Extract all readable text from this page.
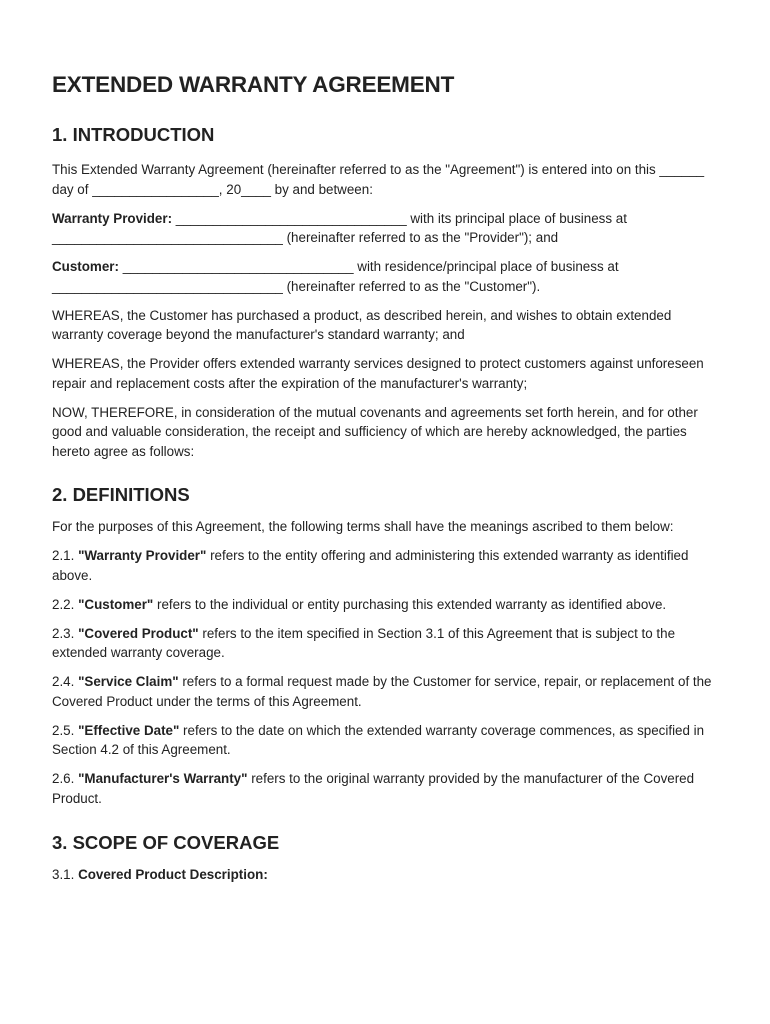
EXTENDED WARRANTY AGREEMENT
1. INTRODUCTION

This Extended Warranty Agreement (hereinafter referred to as the "Agreement") is entered into on this ______ day of _________________, 20____ by and between:

Warranty Provider: _______________________________ with its principal place of business at _______________________________ (hereinafter referred to as the "Provider"); and

Customer: _______________________________ with residence/principal place of business at _______________________________ (hereinafter referred to as the "Customer").

WHEREAS, the Customer has purchased a product, as described herein, and wishes to obtain extended warranty coverage beyond the manufacturer's standard warranty; and

WHEREAS, the Provider offers extended warranty services designed to protect customers against unforeseen repair and replacement costs after the expiration of the manufacturer's warranty;

NOW, THEREFORE, in consideration of the mutual covenants and agreements set forth herein, and for other good and valuable consideration, the receipt and sufficiency of which are hereby acknowledged, the parties hereto agree as follows:

2. DEFINITIONS

For the purposes of this Agreement, the following terms shall have the meanings ascribed to them below:

2.1. "Warranty Provider" refers to the entity offering and administering this extended warranty as identified above.

2.2. "Customer" refers to the individual or entity purchasing this extended warranty as identified above.

2.3. "Covered Product" refers to the item specified in Section 3.1 of this Agreement that is subject to the extended warranty coverage.

2.4. "Service Claim" refers to a formal request made by the Customer for service, repair, or replacement of the Covered Product under the terms of this Agreement.

2.5. "Effective Date" refers to the date on which the extended warranty coverage commences, as specified in Section 4.2 of this Agreement.

2.6. "Manufacturer's Warranty" refers to the original warranty provided by the manufacturer of the Covered Product.

3. SCOPE OF COVERAGE

3.1. Covered Product Description:
